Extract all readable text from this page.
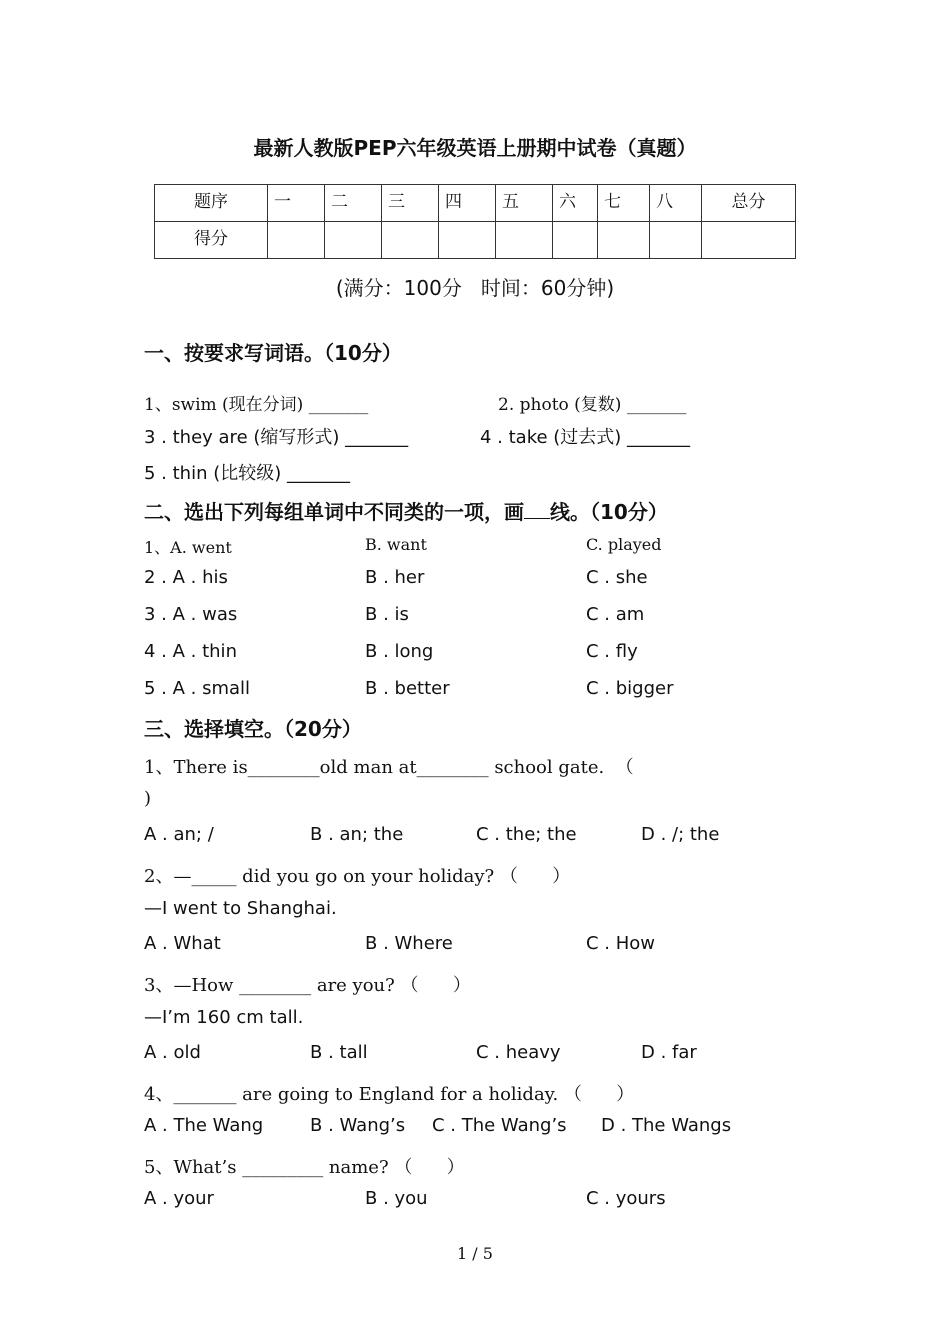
最新人教版PEP六年级英语上册期中试卷（真题）
题序	一	二	三	四	五	六	七	八	总分

得分									

(满分：100分   时间：60分钟)
一、按要求写词语。（10分）
1、swim (现在分词) _______	2. photo (复数) _______
3 . they are (缩写形式) _______	4 . take (过去式) _______
5 . thin (比较级) _______
二、选出下列每组单词中不同类的一项，画 线。（10分）
1、A. went	B. want	C. played
2 . A . his	B . her	C . she
3 . A . was	B . is	C . am
4 . A . thin	B . long	C . fly
5 . A . small	B . better	C . bigger
三、选择填空。（20分）
1、There is________old man at________ school gate.  （
)
A . an; /	B . an; the	C . the; the	D . /; the
2、—_____ did you go on your holiday? （      ）
—I went to Shanghai.
A . What	B . Where	C . How
3、—How ________ are you? （      ）
—I’m 160 cm tall.
A . old	B . tall	C . heavy	D . far
4、_______ are going to England for a holiday. （      ）
A . The Wang	B . Wang’s C . The Wang’s D . The Wangs
5、What’s _________ name? （      ）
A . your	B . you	C . yours
1 / 5
